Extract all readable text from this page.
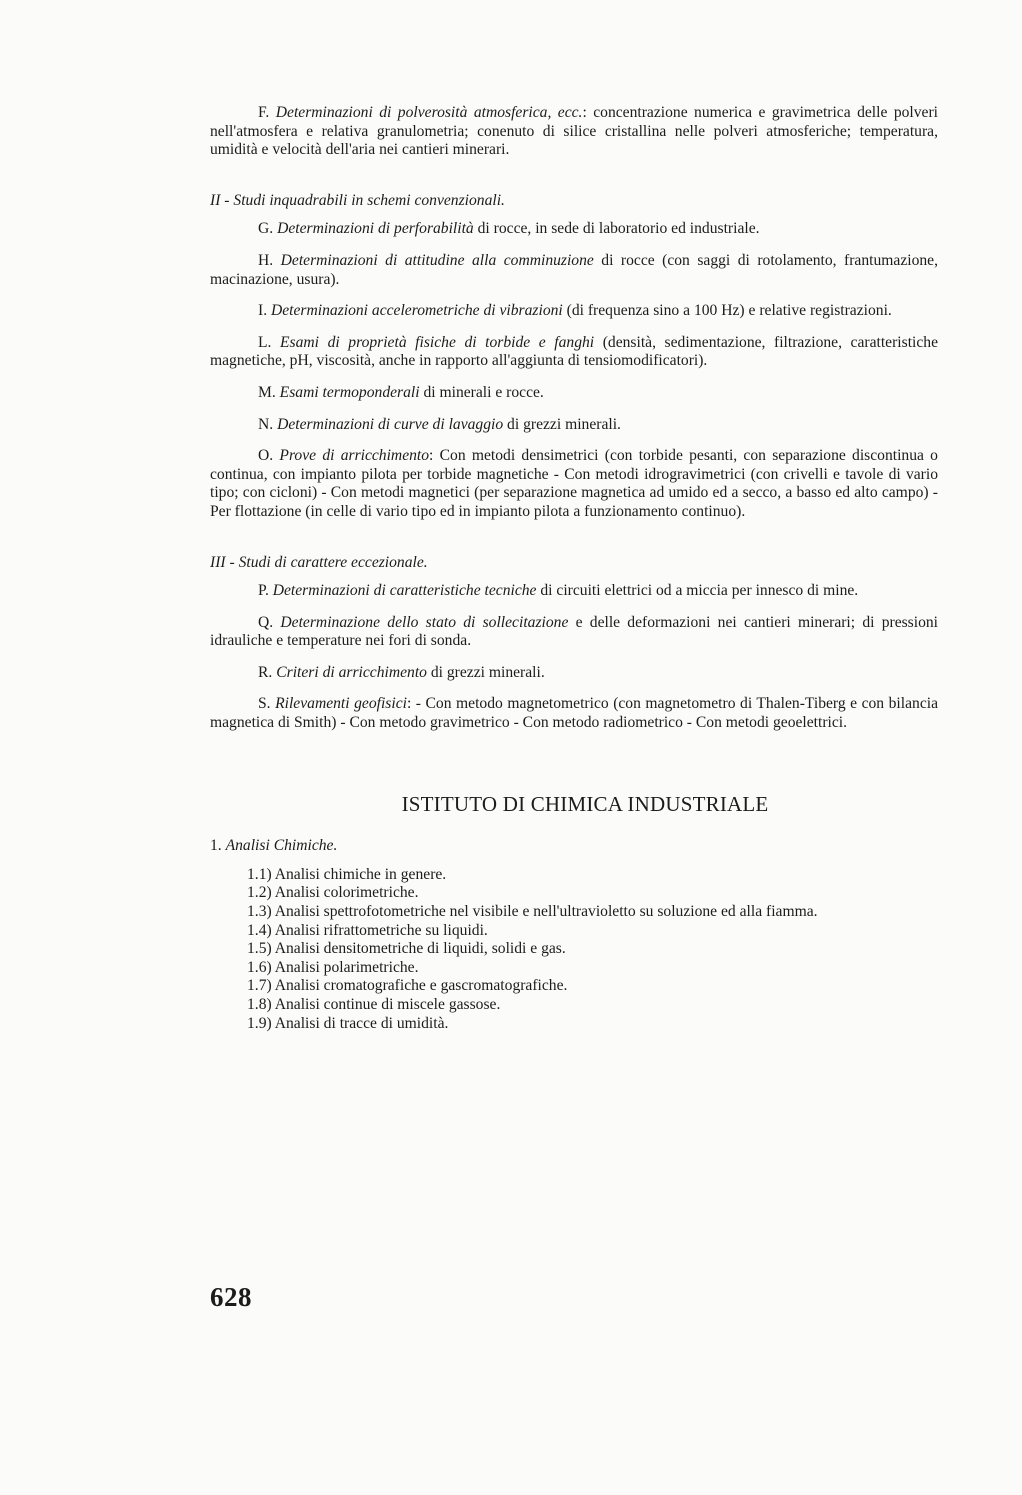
F. Determinazioni di polverosità atmosferica, ecc.: concentrazione numerica e gravimetrica delle polveri nell'atmosfera e relativa granulometria; conenuto di silice cristallina nelle polveri atmosferiche; temperatura, umidità e velocità dell'aria nei cantieri minerari.

II - Studi inquadrabili in schemi convenzionali.

G. Determinazioni di perforabilità di rocce, in sede di laboratorio ed industriale.

H. Determinazioni di attitudine alla comminuzione di rocce (con saggi di rotolamento, frantumazione, macinazione, usura).

I. Determinazioni accelerometriche di vibrazioni (di frequenza sino a 100 Hz) e relative registrazioni.

L. Esami di proprietà fisiche di torbide e fanghi (densità, sedimentazione, filtrazione, caratteristiche magnetiche, pH, viscosità, anche in rapporto all'aggiunta di tensiomodificatori).

M. Esami termoponderali di minerali e rocce.

N. Determinazioni di curve di lavaggio di grezzi minerali.

O. Prove di arricchimento: Con metodi densimetrici (con torbide pesanti, con separazione discontinua o continua, con impianto pilota per torbide magnetiche - Con metodi idrogravimetrici (con crivelli e tavole di vario tipo; con cicloni) - Con metodi magnetici (per separazione magnetica ad umido ed a secco, a basso ed alto campo) - Per flottazione (in celle di vario tipo ed in impianto pilota a funzionamento continuo).

III - Studi di carattere eccezionale.

P. Determinazioni di caratteristiche tecniche di circuiti elettrici od a miccia per innesco di mine.

Q. Determinazione dello stato di sollecitazione e delle deformazioni nei cantieri minerari; di pressioni idrauliche e temperature nei fori di sonda.

R. Criteri di arricchimento di grezzi minerali.

S. Rilevamenti geofisici: - Con metodo magnetometrico (con magnetometro di Thalen-Tiberg e con bilancia magnetica di Smith) - Con metodo gravimetrico - Con metodo radiometrico - Con metodi geoelettrici.

ISTITUTO DI CHIMICA INDUSTRIALE

1. Analisi Chimiche.

1.1) Analisi chimiche in genere.

1.2) Analisi colorimetriche.

1.3) Analisi spettrofotometriche nel visibile e nell'ultravioletto su soluzione ed alla fiamma.

1.4) Analisi rifrattometriche su liquidi.

1.5) Analisi densitometriche di liquidi, solidi e gas.

1.6) Analisi polarimetriche.

1.7) Analisi cromatografiche e gascromatografiche.

1.8) Analisi continue di miscele gassose.

1.9) Analisi di tracce di umidità.

628
